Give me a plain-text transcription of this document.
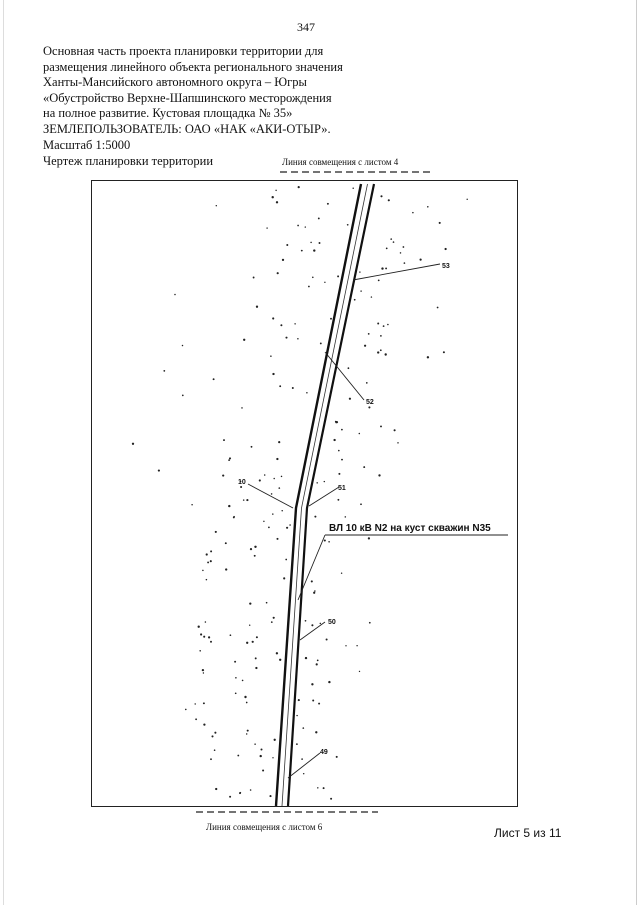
347
Основная часть проекта планировки территории для
размещения линейного объекта регионального значения
Ханты-Мансийского автономного округа – Югры
«Обустройство Верхне-Шапшинского месторождения
на полное развитие. Кустовая площадка № 35»
ЗЕМЛЕПОЛЬЗОВАТЕЛЬ: ОАО «НАК «АКИ-ОТЫР».
Масштаб 1:5000
Чертеж планировки территории	Линия совмещения с листом 4
53
52
51
10
50
49
ВЛ 10 кВ N2 на куст скважин N35
Линия совмещения с листом 6	Лист 5 из 11
